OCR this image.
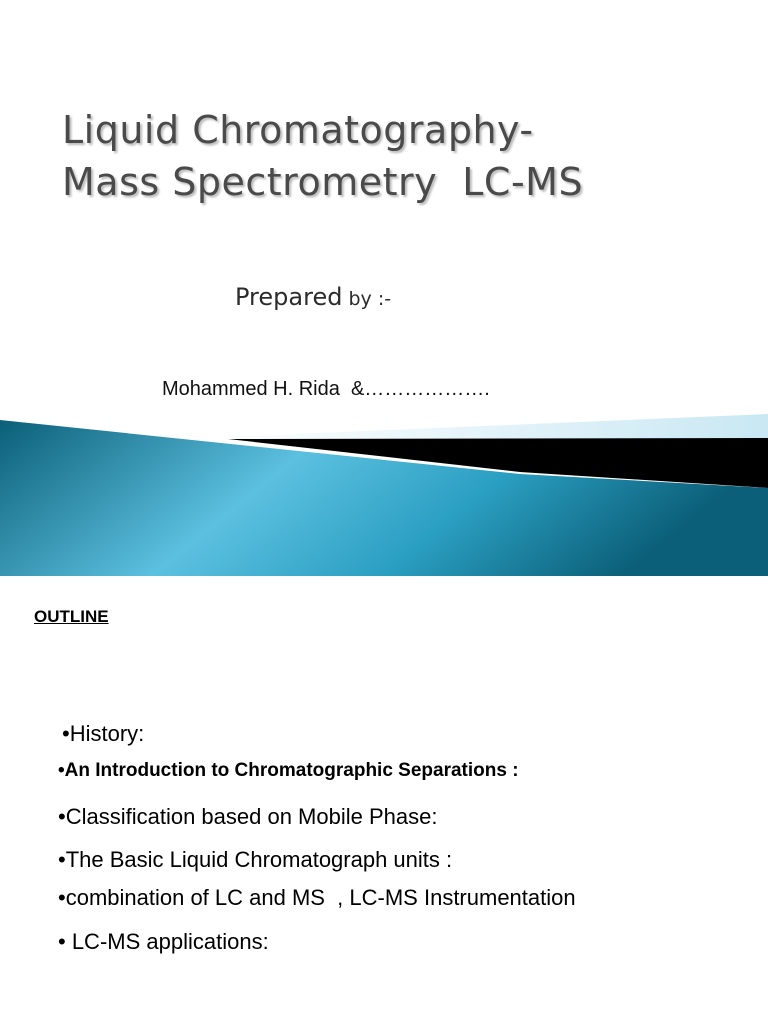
Liquid Chromatography-
Mass Spectrometry  LC-MS
Prepared by :-
Mohammed H. Rida  &……………….
OUTLINE
•History:
•An Introduction to Chromatographic Separations :
•Classification based on Mobile Phase:
•The Basic Liquid Chromatograph units :
•combination of LC and MS  , LC-MS Instrumentation
• LC-MS applications:
